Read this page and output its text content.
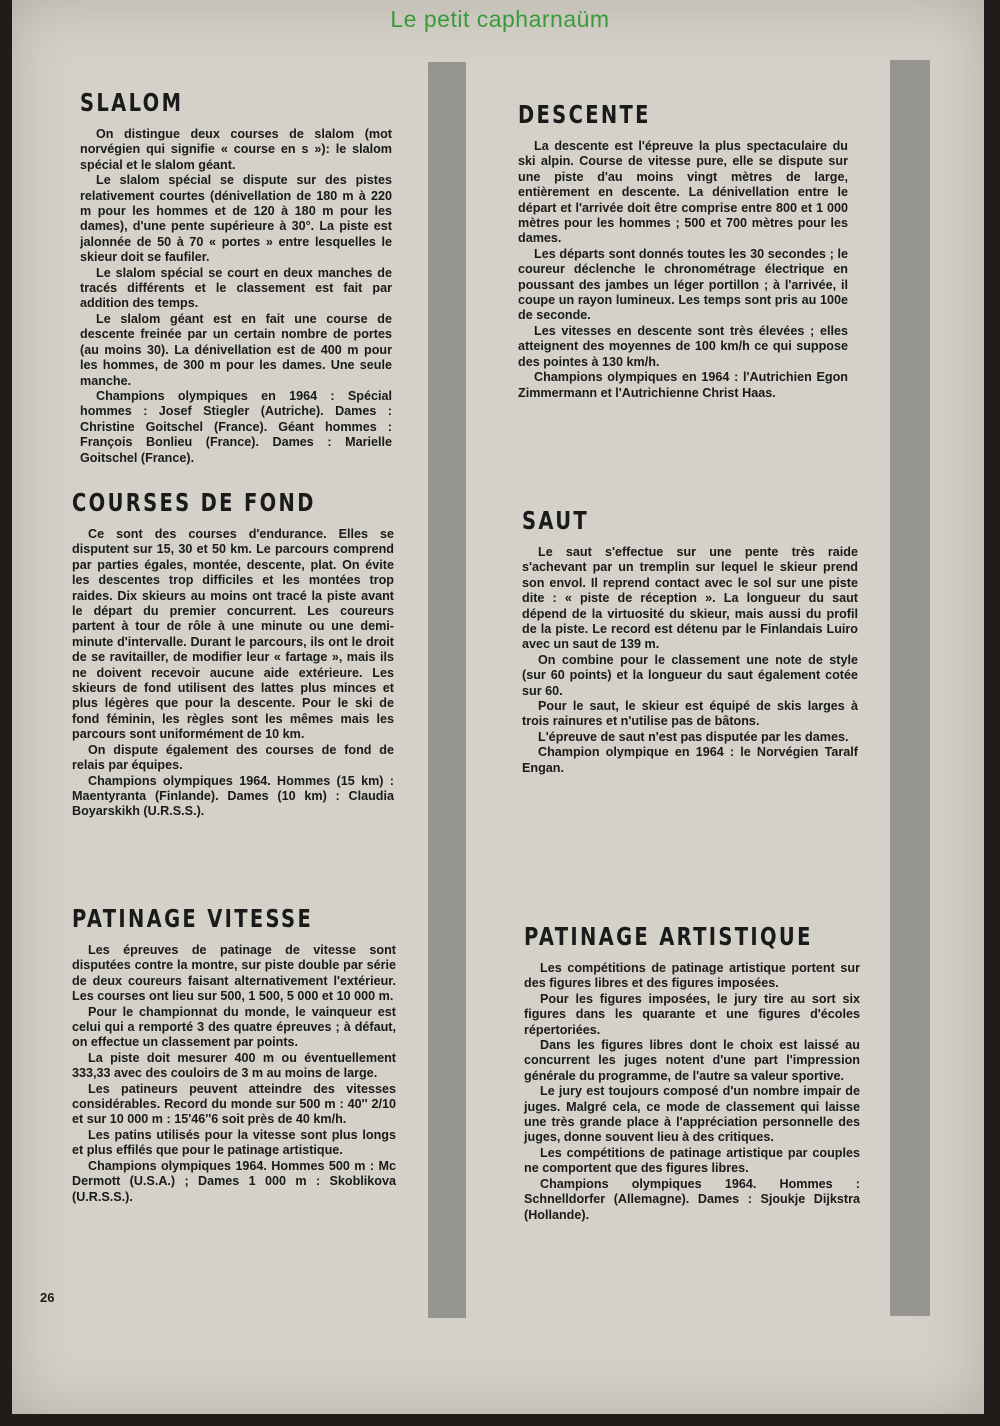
Le petit capharnaüm
SLALOM

On distingue deux courses de slalom (mot norvégien qui signifie « course en s »): le slalom spécial et le slalom géant.

Le slalom spécial se dispute sur des pistes relativement courtes (dénivellation de 180 m à 220 m pour les hommes et de 120 à 180 m pour les dames), d'une pente supérieure à 30°. La piste est jalonnée de 50 à 70 « portes » entre lesquelles le skieur doit se faufiler.

Le slalom spécial se court en deux manches de tracés différents et le classement est fait par addition des temps.

Le slalom géant est en fait une course de descente freinée par un certain nombre de portes (au moins 30). La dénivellation est de 400 m pour les hommes, de 300 m pour les dames. Une seule manche.

Champions olympiques en 1964 : Spécial hommes : Josef Stiegler (Autriche). Dames : Christine Goitschel (France). Géant hommes : François Bonlieu (France). Dames : Marielle Goitschel (France).

COURSES DE FOND

Ce sont des courses d'endurance. Elles se disputent sur 15, 30 et 50 km. Le parcours comprend par parties égales, montée, descente, plat. On évite les descentes trop difficiles et les montées trop raides. Dix skieurs au moins ont tracé la piste avant le départ du premier concurrent. Les coureurs partent à tour de rôle à une minute ou une demi-minute d'intervalle. Durant le parcours, ils ont le droit de se ravitailler, de modifier leur « fartage », mais ils ne doivent recevoir aucune aide extérieure. Les skieurs de fond utilisent des lattes plus minces et plus légères que pour la descente. Pour le ski de fond féminin, les règles sont les mêmes mais les parcours sont uniformément de 10 km.

On dispute également des courses de fond de relais par équipes.

Champions olympiques 1964. Hommes (15 km) : Maentyranta (Finlande). Dames (10 km) : Claudia Boyarskikh (U.R.S.S.).

PATINAGE VITESSE

Les épreuves de patinage de vitesse sont disputées contre la montre, sur piste double par série de deux coureurs faisant alternativement l'extérieur. Les courses ont lieu sur 500, 1 500, 5 000 et 10 000 m.

Pour le championnat du monde, le vainqueur est celui qui a remporté 3 des quatre épreuves ; à défaut, on effectue un classement par points.

La piste doit mesurer 400 m ou éventuellement 333,33 avec des couloirs de 3 m au moins de large.

Les patineurs peuvent atteindre des vitesses considérables. Record du monde sur 500 m : 40'' 2/10 et sur 10 000 m : 15'46''6 soit près de 40 km/h.

Les patins utilisés pour la vitesse sont plus longs et plus effilés que pour le patinage artistique.

Champions olympiques 1964. Hommes 500 m : Mc Dermott (U.S.A.) ; Dames 1 000 m : Skoblikova (U.R.S.S.).

DESCENTE

La descente est l'épreuve la plus spectaculaire du ski alpin. Course de vitesse pure, elle se dispute sur une piste d'au moins vingt mètres de large, entièrement en descente. La dénivellation entre le départ et l'arrivée doit être comprise entre 800 et 1 000 mètres pour les hommes ; 500 et 700 mètres pour les dames.

Les départs sont donnés toutes les 30 secondes ; le coureur déclenche le chronométrage électrique en poussant des jambes un léger portillon ; à l'arrivée, il coupe un rayon lumineux. Les temps sont pris au 100e de seconde.

Les vitesses en descente sont très élevées ; elles atteignent des moyennes de 100 km/h ce qui suppose des pointes à 130 km/h.

Champions olympiques en 1964 : l'Autrichien Egon Zimmermann et l'Autrichienne Christ Haas.

SAUT

Le saut s'effectue sur une pente très raide s'achevant par un tremplin sur lequel le skieur prend son envol. Il reprend contact avec le sol sur une piste dite : « piste de réception ». La longueur du saut dépend de la virtuosité du skieur, mais aussi du profil de la piste. Le record est détenu par le Finlandais Luiro avec un saut de 139 m.

On combine pour le classement une note de style (sur 60 points) et la longueur du saut également cotée sur 60.

Pour le saut, le skieur est équipé de skis larges à trois rainures et n'utilise pas de bâtons.

L'épreuve de saut n'est pas disputée par les dames.

Champion olympique en 1964 : le Norvégien Taralf Engan.

PATINAGE ARTISTIQUE

Les compétitions de patinage artistique portent sur des figures libres et des figures imposées.

Pour les figures imposées, le jury tire au sort six figures dans les quarante et une figures d'écoles répertoriées.

Dans les figures libres dont le choix est laissé au concurrent les juges notent d'une part l'impression générale du programme, de l'autre sa valeur sportive.

Le jury est toujours composé d'un nombre impair de juges. Malgré cela, ce mode de classement qui laisse une très grande place à l'appréciation personnelle des juges, donne souvent lieu à des critiques.

Les compétitions de patinage artistique par couples ne comportent que des figures libres.

Champions olympiques 1964. Hommes : Schnelldorfer (Allemagne). Dames : Sjoukje Dijkstra (Hollande).

26
